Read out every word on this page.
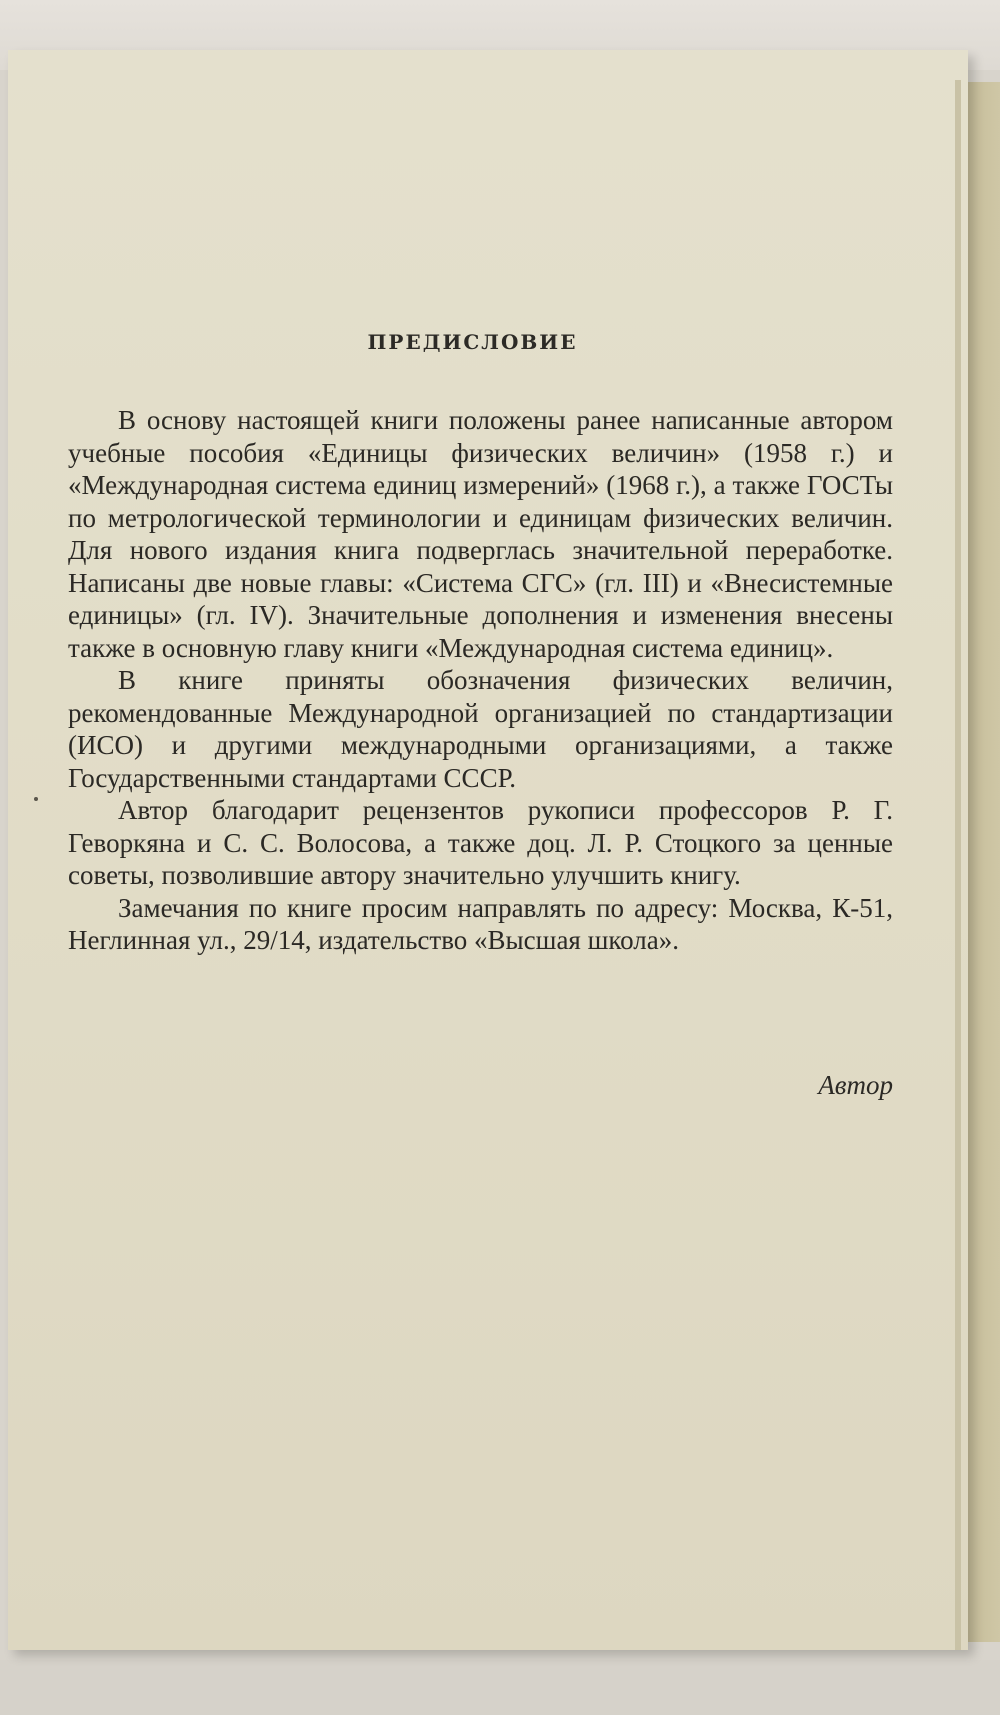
ПРЕДИСЛОВИЕ

В основу настоящей книги положены ранее написанные автором учебные пособия «Единицы физических величин» (1958 г.) и «Международная система единиц измерений» (1968 г.), а также ГОСТы по метрологической терминологии и единицам физических величин. Для нового издания книга подверглась значительной переработке. Написаны две новые главы: «Система СГС» (гл. III) и «Внесистемные единицы» (гл. IV). Значительные дополнения и изменения внесены также в основную главу книги «Международная система единиц».

В книге приняты обозначения физических величин, рекомендованные Международной организацией по стандартизации (ИСО) и другими международными организациями, а также Государственными стандартами СССР.

Автор благодарит рецензентов рукописи профессоров Р. Г. Геворкяна и С. С. Волосова, а также доц. Л. Р. Стоцкого за ценные советы, позволившие автору значительно улучшить книгу.

Замечания по книге просим направлять по адресу: Москва, К-51, Неглинная ул., 29/14, издательство «Высшая школа».

Автор
